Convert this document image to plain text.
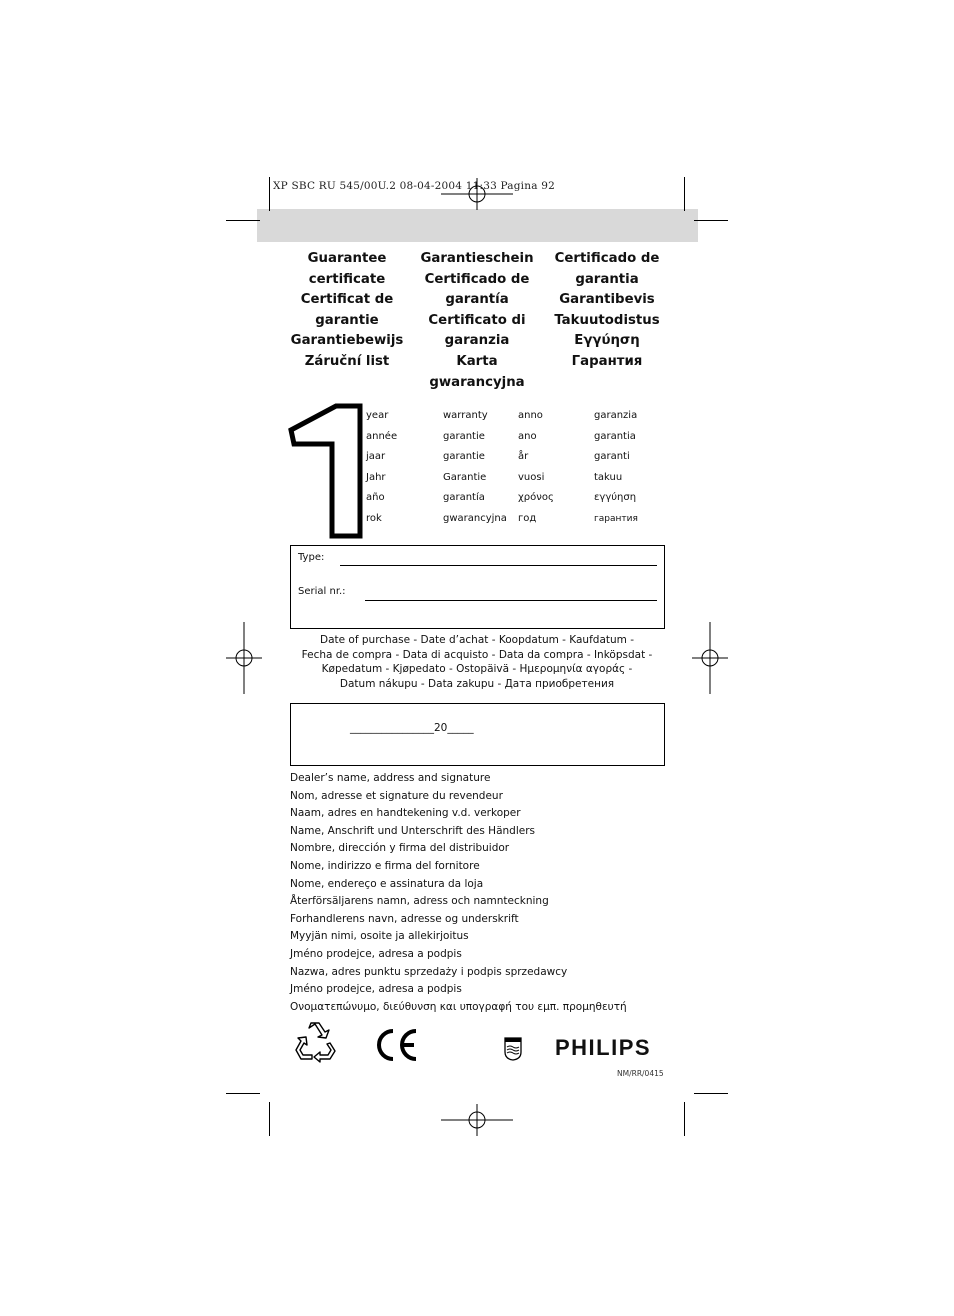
XP SBC RU 545/00U.2 08-04-2004 11:33 Pagina 92
Guarantee
certificate
Certificat de
garantie
Garantiebewijs
Záruční list
Garantieschein
Certificado de
garantía
Certificato di
garanzia
Karta
gwarancyjna
Certificado de
garantia
Garantibevis
Takuutodistus
Εγγύηση
Гарантия
1
year
année
jaar
Jahr
año
rok
warranty
garantie
garantie
Garantie
garantía
gwarancyjna
anno
ano
år
vuosi
χρόνος
год
garanzia
garantia
garanti
takuu
εγγύηση
гарантия
Type:
Serial nr.:
Date of purchase - Date d’achat - Koopdatum - Kaufdatum -
Fecha de compra - Data di acquisto - Data da compra - Inköpsdat -
Køpedatum - Kjøpedato - Ostopäivä - Ημερομηνία αγοράς -
Datum nákupu - Data zakupu - Дата приобретения
________________20_____
Dealer’s name, address and signature
Nom, adresse et signature du revendeur
Naam, adres en handtekening v.d. verkoper
Name, Anschrift und Unterschrift des Händlers
Nombre, dirección y firma del distribuidor
Nome, indirizzo e firma del fornitore
Nome, endereço e assinatura da loja
Återförsäljarens namn, adress och namnteckning
Forhandlerens navn, adresse og underskrift
Myyjän nimi, osoite ja allekirjoitus
Jméno prodejce, adresa a podpis
Nazwa, adres punktu sprzedaży i podpis sprzedawcy
Jméno prodejce, adresa a podpis
Ονοματεπώνυμο, διεύθυνση και υπογραφή του εμπ. προμηθευτή
PHILIPS
NM/RR/0415
